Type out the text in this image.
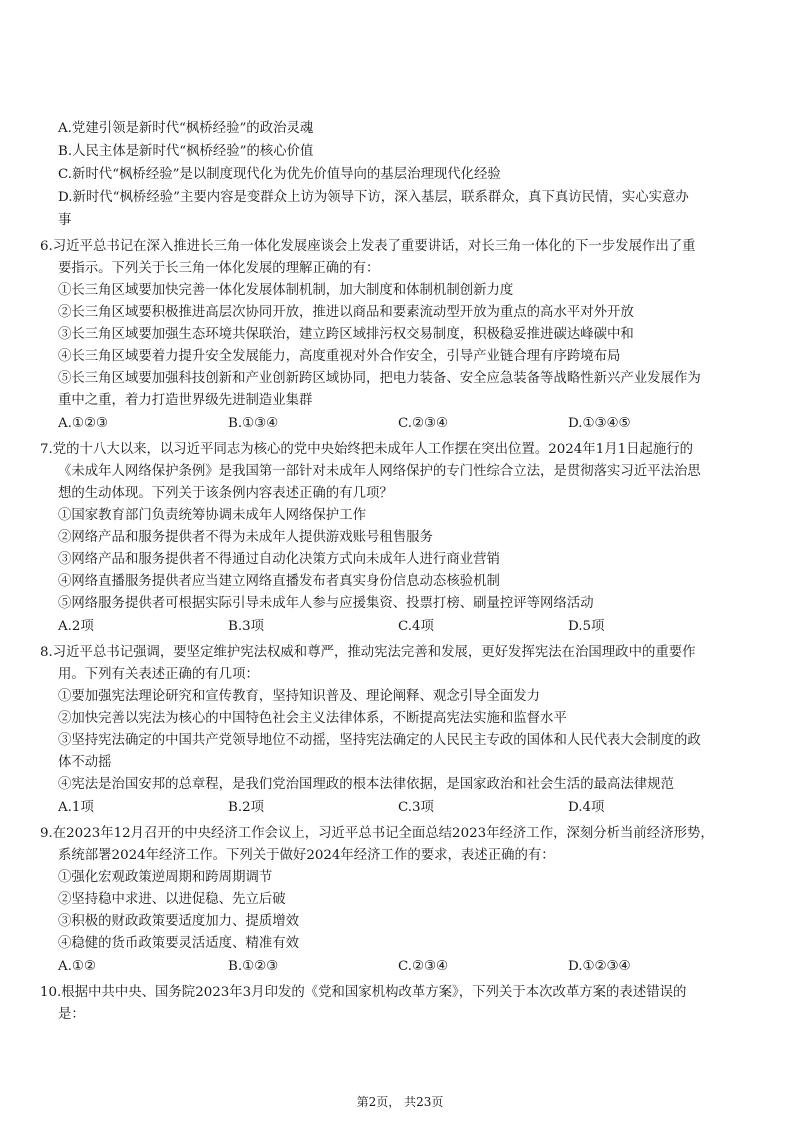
A.党建引领是新时代“枫桥经验”的政治灵魂
B.人民主体是新时代“枫桥经验”的核心价值
C.新时代“枫桥经验”是以制度现代化为优先价值导向的基层治理现代化经验
D.新时代“枫桥经验”主要内容是变群众上访为领导下访，深入基层，联系群众，真下真访民情，实心实意办
事
6.习近平总书记在深入推进长三角一体化发展座谈会上发表了重要讲话，对长三角一体化的下一步发展作出了重
要指示。下列关于长三角一体化发展的理解正确的有：
①长三角区域要加快完善一体化发展体制机制，加大制度和体制机制创新力度
②长三角区域要积极推进高层次协同开放，推进以商品和要素流动型开放为重点的高水平对外开放
③长三角区域要加强生态环境共保联治，建立跨区域排污权交易制度，积极稳妥推进碳达峰碳中和
④长三角区域要着力提升安全发展能力，高度重视对外合作安全，引导产业链合理有序跨境布局
⑤长三角区域要加强科技创新和产业创新跨区域协同，把电力装备、安全应急装备等战略性新兴产业发展作为
重中之重，着力打造世界级先进制造业集群
A.①②③	B.①③④	C.②③④	D.①③④⑤
7.党的十八大以来，以习近平同志为核心的党中央始终把未成年人工作摆在突出位置。2024年1月1日起施行的
《未成年人网络保护条例》是我国第一部针对未成年人网络保护的专门性综合立法，是贯彻落实习近平法治思
想的生动体现。下列关于该条例内容表述正确的有几项？
①国家教育部门负责统筹协调未成年人网络保护工作
②网络产品和服务提供者不得为未成年人提供游戏账号租售服务
③网络产品和服务提供者不得通过自动化决策方式向未成年人进行商业营销
④网络直播服务提供者应当建立网络直播发布者真实身份信息动态核验机制
⑤网络服务提供者可根据实际引导未成年人参与应援集资、投票打榜、刷量控评等网络活动
A.2项	B.3项	C.4项	D.5项
8.习近平总书记强调，要坚定维护宪法权威和尊严，推动宪法完善和发展，更好发挥宪法在治国理政中的重要作
用。下列有关表述正确的有几项：
①要加强宪法理论研究和宣传教育，坚持知识普及、理论阐释、观念引导全面发力
②加快完善以宪法为核心的中国特色社会主义法律体系，不断提高宪法实施和监督水平
③坚持宪法确定的中国共产党领导地位不动摇，坚持宪法确定的人民民主专政的国体和人民代表大会制度的政
体不动摇
④宪法是治国安邦的总章程，是我们党治国理政的根本法律依据，是国家政治和社会生活的最高法律规范
A.1项	B.2项	C.3项	D.4项
9.在2023年12月召开的中央经济工作会议上，习近平总书记全面总结2023年经济工作，深刻分析当前经济形势，
系统部署2024年经济工作。下列关于做好2024年经济工作的要求，表述正确的有：
①强化宏观政策逆周期和跨周期调节
②坚持稳中求进、以进促稳、先立后破
③积极的财政政策要适度加力、提质增效
④稳健的货币政策要灵活适度、精准有效
A.①②	B.①②③	C.②③④	D.①②③④
10.根据中共中央、国务院2023年3月印发的《党和国家机构改革方案》，下列关于本次改革方案的表述错误的
是：
第2页， 共23页
